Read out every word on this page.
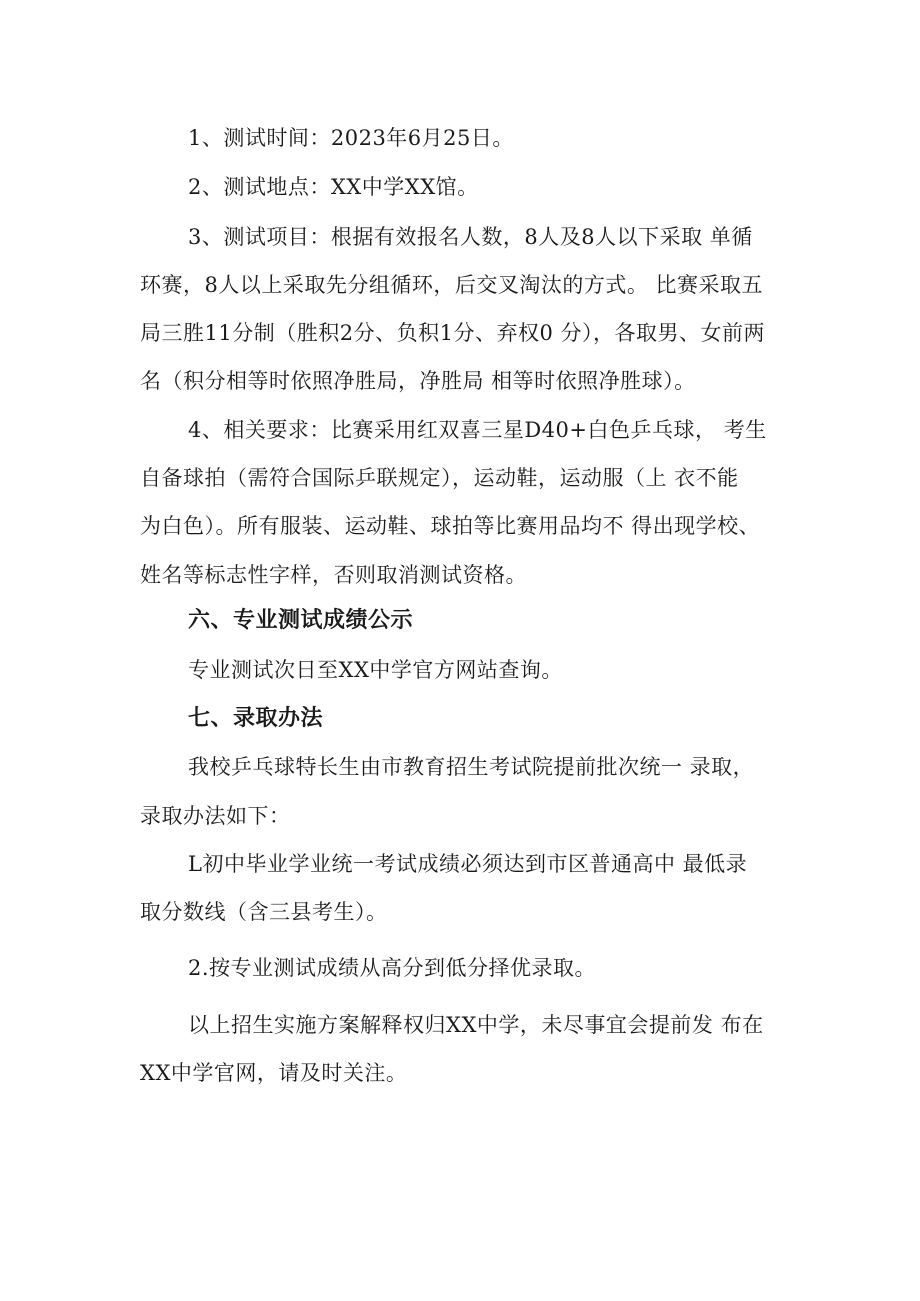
1、测试时间：2023年6月25日。
2、测试地点：XX中学XX馆。
3、测试项目：根据有效报名人数，8人及8人以下采取 单循
环赛，8人以上采取先分组循环，后交叉淘汰的方式。 比赛采取五
局三胜11分制（胜积2分、负积1分、弃权0 分），各取男、女前两
名（积分相等时依照净胜局，净胜局 相等时依照净胜球）。
4、相关要求：比赛采用红双喜三星D40+白色乒乓球， 考生
自备球拍（需符合国际乒联规定），运动鞋，运动服（上 衣不能
为白色）。所有服装、运动鞋、球拍等比赛用品均不 得出现学校、
姓名等标志性字样，否则取消测试资格。
六、专业测试成绩公示
专业测试次日至XX中学官方网站查询。
七、录取办法
我校乒乓球特长生由市教育招生考试院提前批次统一 录取，
录取办法如下：
L初中毕业学业统一考试成绩必须达到市区普通高中 最低录
取分数线（含三县考生）。
2.按专业测试成绩从高分到低分择优录取。
以上招生实施方案解释权归XX中学，未尽事宜会提前发 布在
XX中学官网，请及时关注。
